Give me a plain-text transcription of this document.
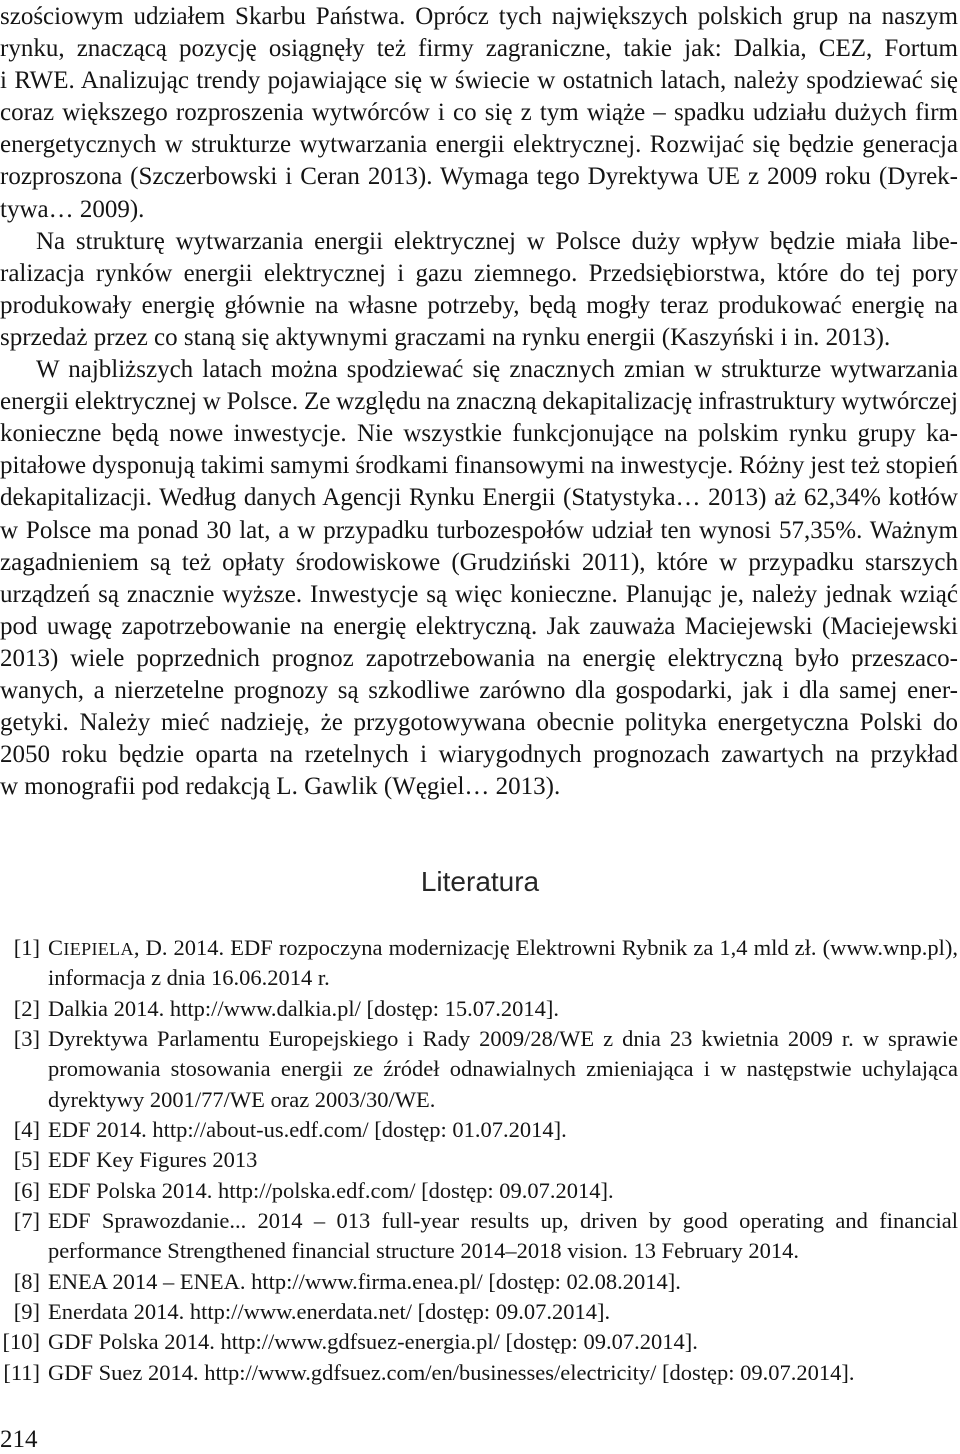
szościowym udziałem Skarbu Państwa. Oprócz tych największych polskich grup na naszym
rynku, znaczącą pozycję osiągnęły też firmy zagraniczne, takie jak: Dalkia, CEZ, Fortum
i RWE. Analizując trendy pojawiające się w świecie w ostatnich latach, należy spodziewać się
coraz większego rozproszenia wytwórców i co się z tym wiąże – spadku udziału dużych firm
energetycznych w strukturze wytwarzania energii elektrycznej. Rozwijać się będzie generacja
rozproszona (Szczerbowski i Ceran 2013). Wymaga tego Dyrektywa UE z 2009 roku (Dyrek-
tywa… 2009).
Na strukturę wytwarzania energii elektrycznej w Polsce duży wpływ będzie miała libe-
ralizacja rynków energii elektrycznej i gazu ziemnego. Przedsiębiorstwa, które do tej pory
produkowały energię głównie na własne potrzeby, będą mogły teraz produkować energię na
sprzedaż przez co staną się aktywnymi graczami na rynku energii (Kaszyński i in. 2013).
W najbliższych latach można spodziewać się znacznych zmian w strukturze wytwarzania
energii elektrycznej w Polsce. Ze względu na znaczną dekapitalizację infrastruktury wytwórczej
konieczne będą nowe inwestycje. Nie wszystkie funkcjonujące na polskim rynku grupy ka-
pitałowe dysponują takimi samymi środkami finansowymi na inwestycje. Różny jest też stopień
dekapitalizacji. Według danych Agencji Rynku Energii (Statystyka… 2013) aż 62,34% kotłów
w Polsce ma ponad 30 lat, a w przypadku turbozespołów udział ten wynosi 57,35%. Ważnym
zagadnieniem są też opłaty środowiskowe (Grudziński 2011), które w przypadku starszych
urządzeń są znacznie wyższe. Inwestycje są więc konieczne. Planując je, należy jednak wziąć
pod uwagę zapotrzebowanie na energię elektryczną. Jak zauważa Maciejewski (Maciejewski
2013) wiele poprzednich prognoz zapotrzebowania na energię elektryczną było przeszaco-
wanych, a nierzetelne prognozy są szkodliwe zarówno dla gospodarki, jak i dla samej ener-
getyki. Należy mieć nadzieję, że przygotowywana obecnie polityka energetyczna Polski do
2050 roku będzie oparta na rzetelnych i wiarygodnych prognozach zawartych na przykład
w monografii pod redakcją L. Gawlik (Węgiel… 2013).
Literatura
[1] CIEPIELA, D. 2014. EDF rozpoczyna modernizację Elektrowni Rybnik za 1,4 mld zł. (www.wnp.pl),
informacja z dnia 16.06.2014 r.
[2] Dalkia 2014. http://www.dalkia.pl/ [dostęp: 15.07.2014].
[3] Dyrektywa Parlamentu Europejskiego i Rady 2009/28/WE z dnia 23 kwietnia 2009 r. w sprawie
promowania stosowania energii ze źródeł odnawialnych zmieniająca i w następstwie uchylająca
dyrektywy 2001/77/WE oraz 2003/30/WE.
[4] EDF 2014. http://about-us.edf.com/ [dostęp: 01.07.2014].
[5] EDF Key Figures 2013
[6] EDF Polska 2014. http://polska.edf.com/ [dostęp: 09.07.2014].
[7] EDF Sprawozdanie... 2014 – 013 full-year results up, driven by good operating and financial
performance Strengthened financial structure 2014–2018 vision. 13 February 2014.
[8] ENEA 2014 – ENEA. http://www.firma.enea.pl/ [dostęp: 02.08.2014].
[9] Enerdata 2014. http://www.enerdata.net/ [dostęp: 09.07.2014].
[10] GDF Polska 2014. http://www.gdfsuez-energia.pl/ [dostęp: 09.07.2014].
[11] GDF Suez 2014. http://www.gdfsuez.com/en/businesses/electricity/ [dostęp: 09.07.2014].
214
